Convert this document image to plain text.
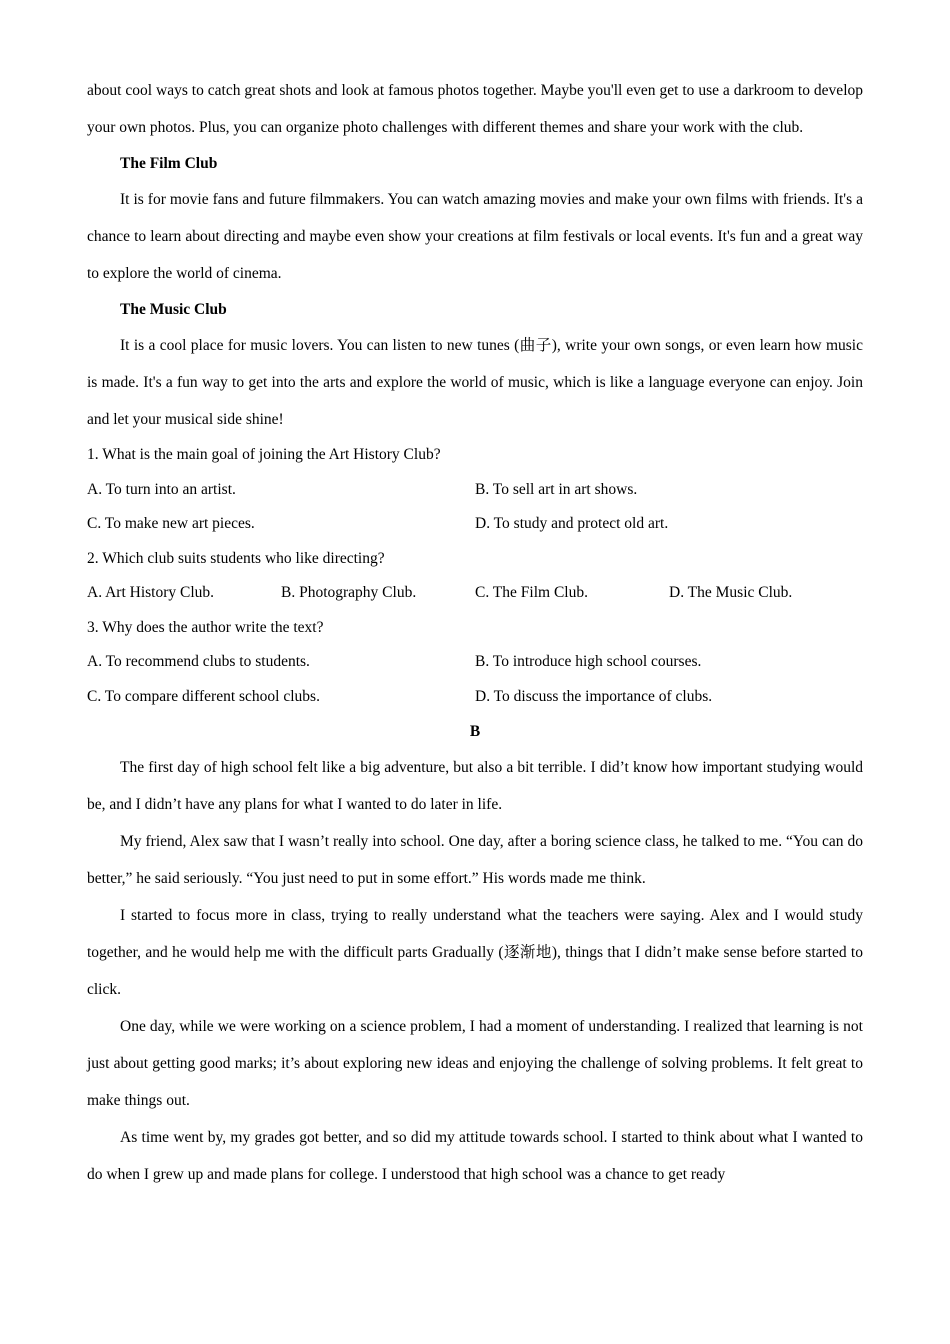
about cool ways to catch great shots and look at famous photos together. Maybe you'll even get to use a darkroom to develop your own photos. Plus, you can organize photo challenges with different themes and share your work with the club.

The Film Club

It is for movie fans and future filmmakers. You can watch amazing movies and make your own films with friends. It's a chance to learn about directing and maybe even show your creations at film festivals or local events. It's fun and a great way to explore the world of cinema.

The Music Club

It is a cool place for music lovers. You can listen to new tunes (曲子), write your own songs, or even learn how music is made. It's a fun way to get into the arts and explore the world of music, which is like a language everyone can enjoy. Join and let your musical side shine!

1. What is the main goal of joining the Art History Club?

A. To turn into an artist.	B. To sell art in art shows.
C. To make new art pieces.	D. To study and protect old art.

2. Which club suits students who like directing?

A. Art History Club.	B. Photography Club.	C. The Film Club.	D. The Music Club.

3. Why does the author write the text?

A. To recommend clubs to students.	B. To introduce high school courses.
C. To compare different school clubs.	D. To discuss the importance of clubs.

B

The first day of high school felt like a big adventure, but also a bit terrible. I did’t know how important studying would be, and I didn’t have any plans for what I wanted to do later in life.

My friend, Alex saw that I wasn’t really into school. One day, after a boring science class, he talked to me. “You can do better,” he said seriously. “You just need to put in some effort.” His words made me think.

I started to focus more in class, trying to really understand what the teachers were saying. Alex and I would study together, and he would help me with the difficult parts Gradually (逐渐地), things that I didn’t make sense before started to click.

One day, while we were working on a science problem, I had a moment of understanding. I realized that learning is not just about getting good marks; it’s about exploring new ideas and enjoying the challenge of solving problems. It felt great to make things out.

As time went by, my grades got better, and so did my attitude towards school. I started to think about what I wanted to do when I grew up and made plans for college. I understood that high school was a chance to get ready
